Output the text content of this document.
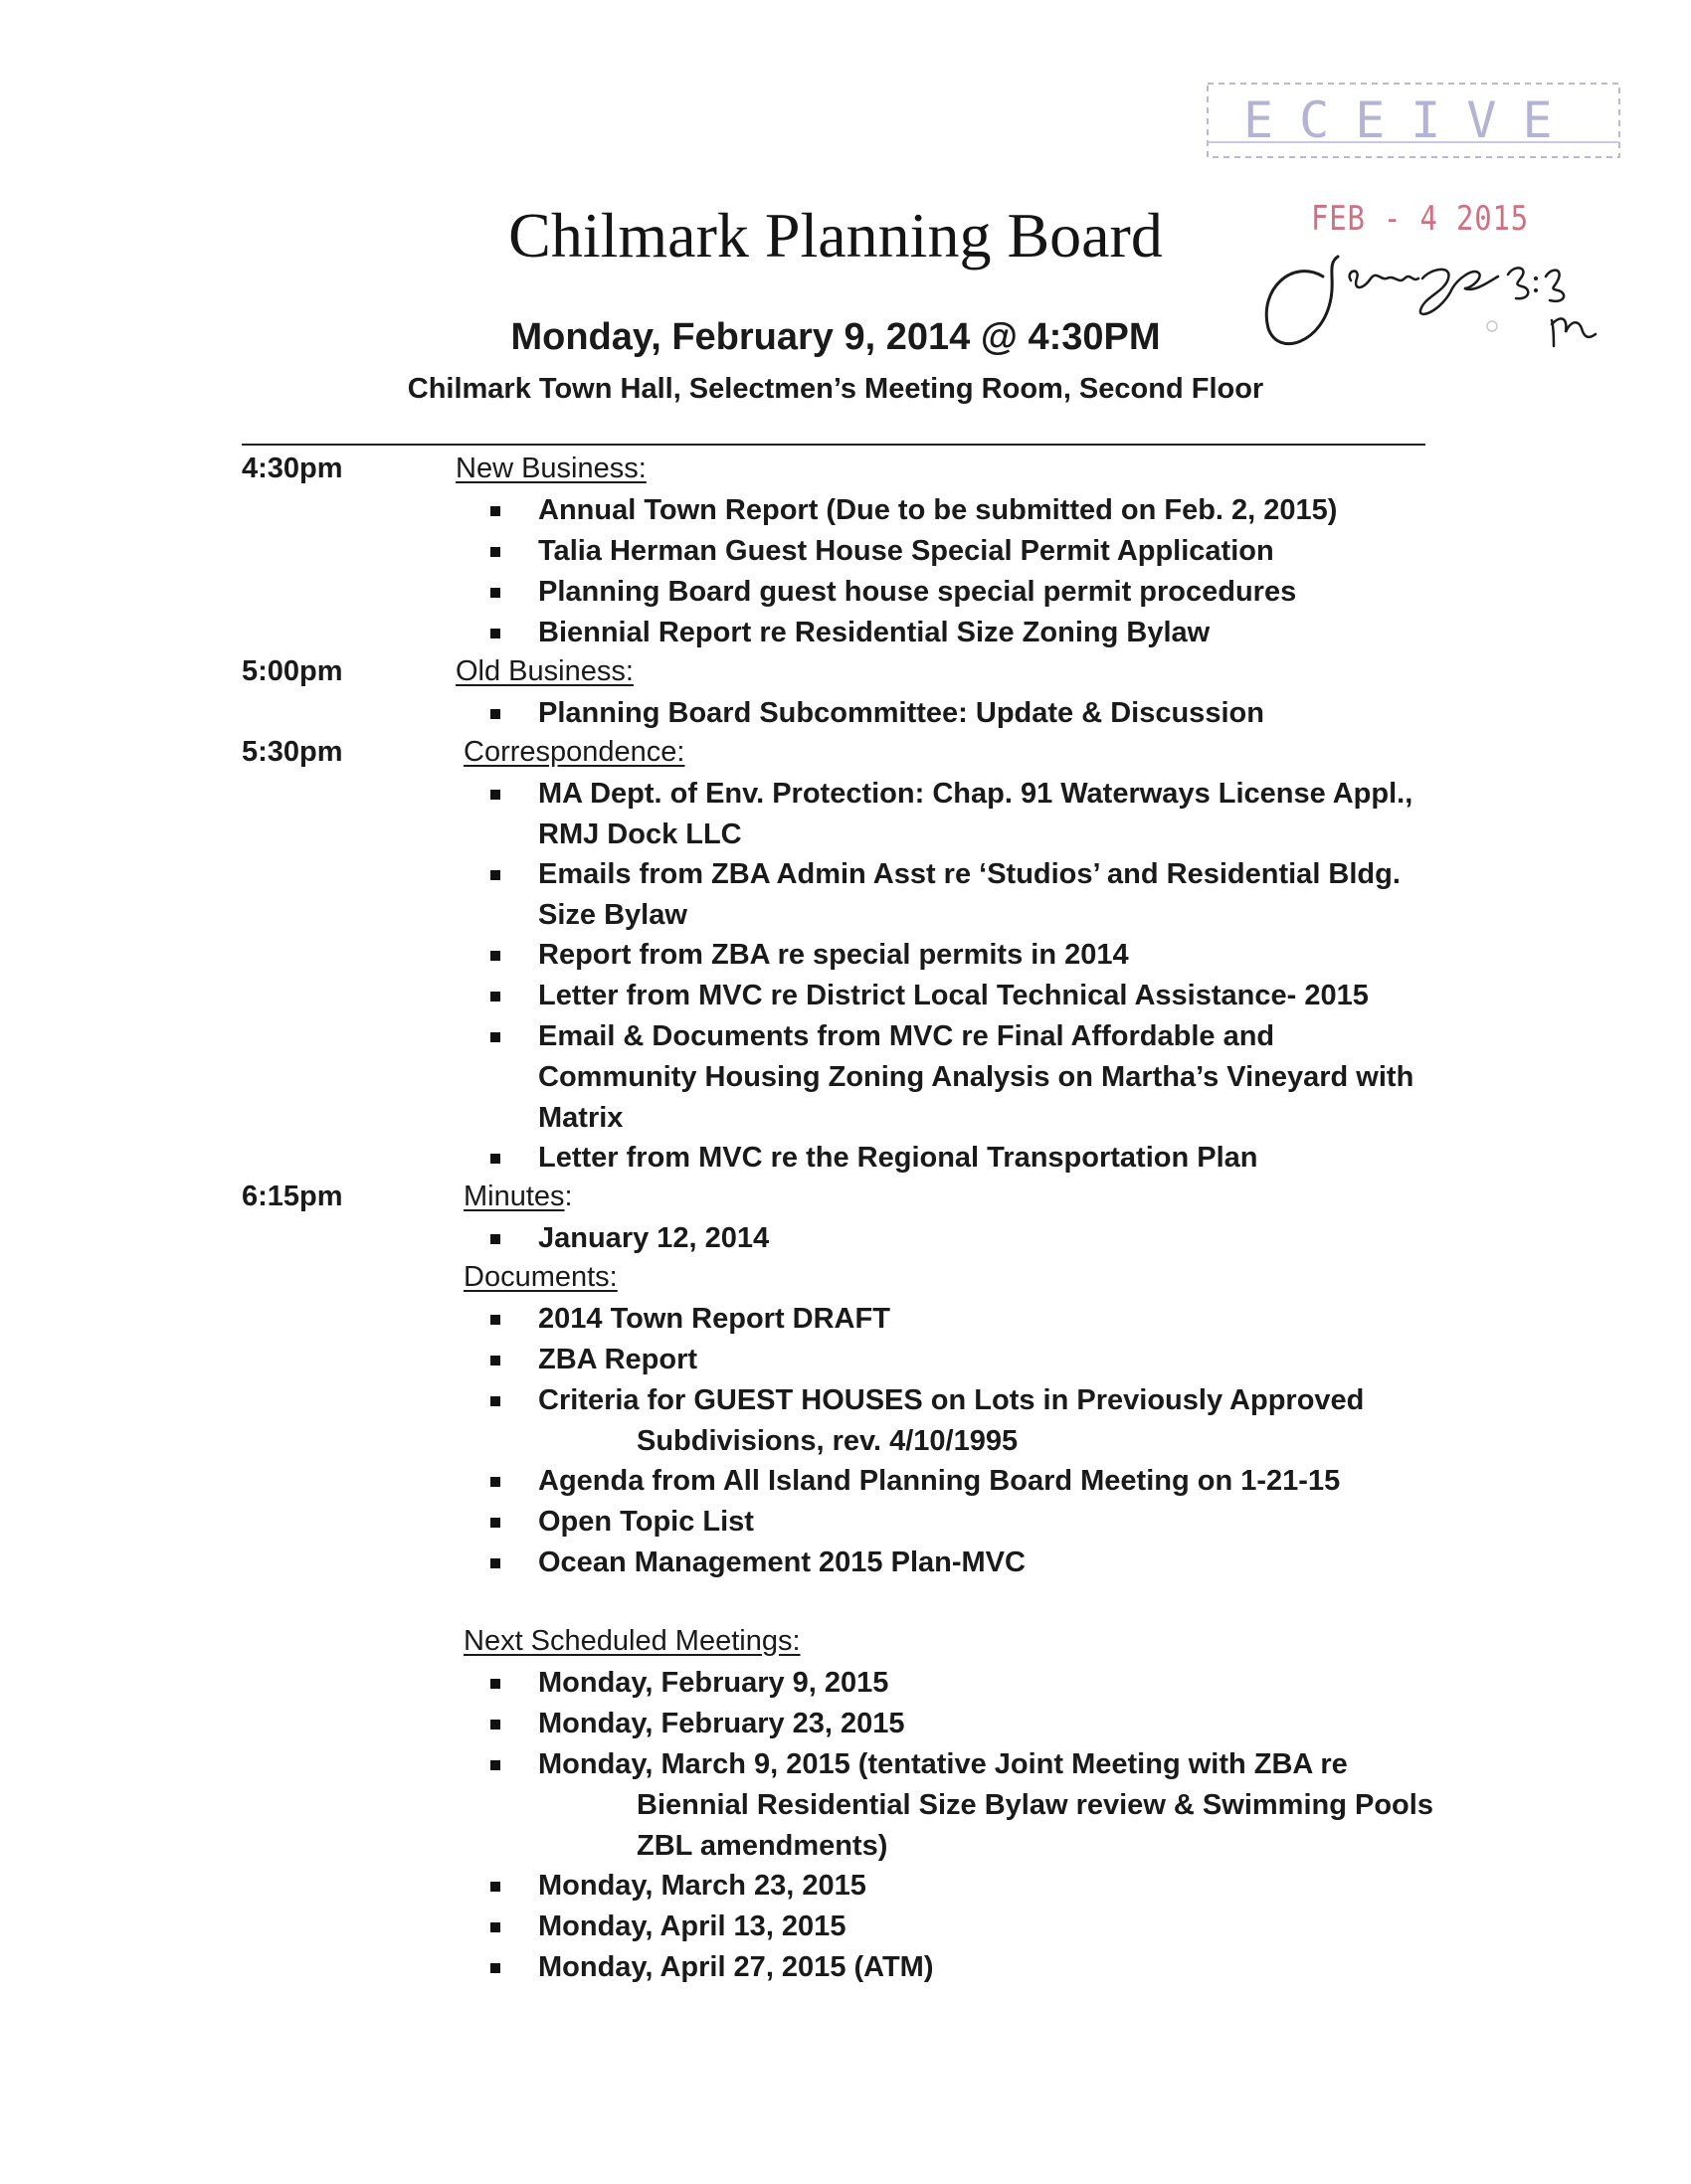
ECEIVE
FEB - 4 2015
Chilmark Planning Board
Monday, February 9, 2014 @ 4:30PM
Chilmark Town Hall, Selectmen’s Meeting Room, Second Floor
4:30pm	New Business:
Annual Town Report (Due to be submitted on Feb. 2, 2015)
Talia Herman Guest House Special Permit Application
Planning Board guest house special permit procedures
Biennial Report re Residential Size Zoning Bylaw
5:00pm	Old Business:
Planning Board Subcommittee: Update & Discussion
5:30pm	Correspondence:
MA Dept. of Env. Protection: Chap. 91 Waterways License Appl.,
RMJ Dock LLC
Emails from ZBA Admin Asst re ‘Studios’ and Residential Bldg.
Size Bylaw
Report from ZBA re special permits in 2014
Letter from MVC re District Local Technical Assistance- 2015
Email & Documents from MVC re Final Affordable and
Community Housing Zoning Analysis on Martha’s Vineyard with
Matrix
Letter from MVC re the Regional Transportation Plan
6:15pm	Minutes:
January 12, 2014
Documents:
2014 Town Report DRAFT
ZBA Report
Criteria for GUEST HOUSES on Lots in Previously Approved
Subdivisions, rev. 4/10/1995
Agenda from All Island Planning Board Meeting on 1-21-15
Open Topic List
Ocean Management 2015 Plan-MVC
Next Scheduled Meetings:
Monday, February 9, 2015
Monday, February 23, 2015
Monday, March 9, 2015 (tentative Joint Meeting with ZBA re
Biennial Residential Size Bylaw review & Swimming Pools
ZBL amendments)
Monday, March 23, 2015
Monday, April 13, 2015
Monday, April 27, 2015 (ATM)
